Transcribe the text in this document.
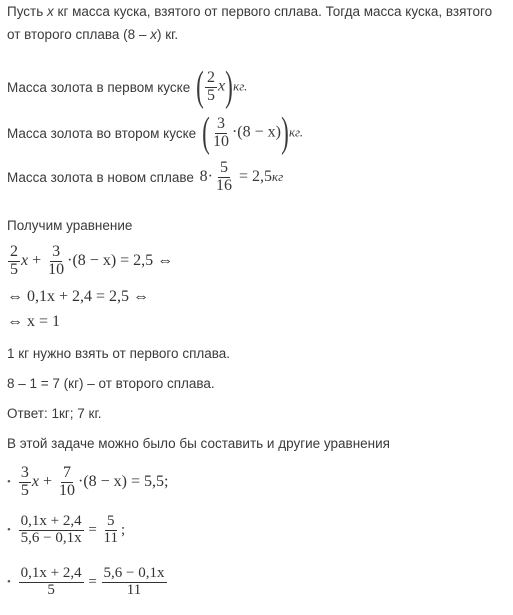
Пусть x кг масса куска, взятого от первого сплава. Тогда масса куска, взятого
от второго сплава (8 – x) кг.
Масса золота в первом куске ( $\frac{2}{5} x)кг$.
Масса золота во втором куске ( $\frac{3}{10} \cdot(8 - x))кг$.
Масса золота в новом сплаве $8\cdot \frac{5}{16} = 2,5кг$
Получим уравнение
$\frac{2}{5}$ $x + \frac{3}{10} \cdot(8 - x) = 2,5$ ⇔
⇔ 0,1x + 2,4 = 2,5 ⇔
⇔ x = 1
1 кг нужно взять от первого сплава.
8 – 1 = 7 (кг) – от второго сплава.
Ответ: 1кг; 7 кг.
В этой задаче можно было бы составить и другие уравнения
• $\frac{3}{5}$ $x + \frac{7}{10} \cdot(8 - x) = 5,5$;
• $\frac{0,1x + 2,4}{5,6 - 0,1x} = \frac{5}{11}$ ;
• $\frac{0,1x + 2,4}{5} = \frac{5,6 - 0,1x}{11}$
